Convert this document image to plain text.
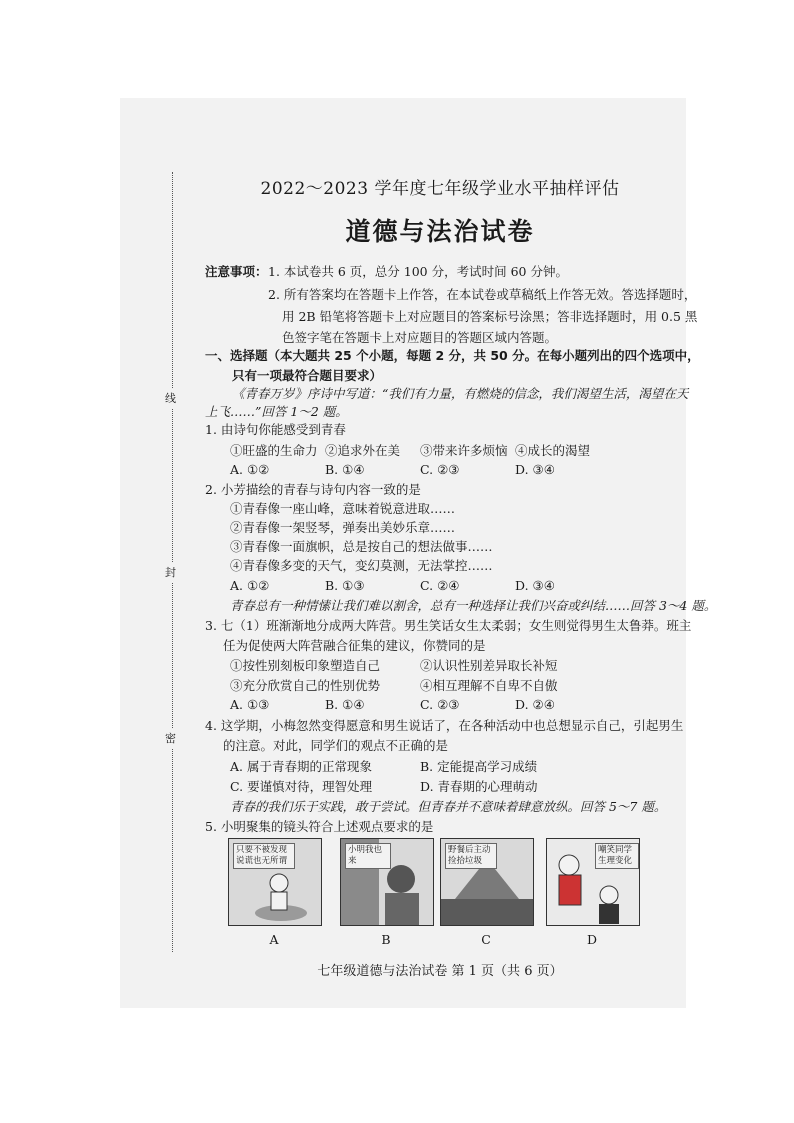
线
封
密
2022～2023 学年度七年级学业水平抽样评估
道德与法治试卷
注意事项： 1. 本试卷共 6 页，总分 100 分，考试时间 60 分钟。
2. 所有答案均在答题卡上作答，在本试卷或草稿纸上作答无效。答选择题时，
用 2B 铅笔将答题卡上对应题目的答案标号涂黑；答非选择题时，用 0.5 黑
色签字笔在答题卡上对应题目的答题区域内答题。
一、选择题（本大题共 25 个小题，每题 2 分，共 50 分。在每小题列出的四个选项中，
只有一项最符合题目要求）
《青春万岁》序诗中写道：“我们有力量，有燃烧的信念，我们渴望生活，渴望在天
上飞……”回答 1～2 题。
1. 由诗句你能感受到青春
①旺盛的生命力 ②追求外在美 ③带来许多烦恼 ④成长的渴望
A. ①②	B. ①④	C. ②③	D. ③④
2. 小芳描绘的青春与诗句内容一致的是
①青春像一座山峰，意味着锐意进取……
②青春像一架竖琴，弹奏出美妙乐章……
③青春像一面旗帜，总是按自己的想法做事……
④青春像多变的天气，变幻莫测，无法掌控……
A. ①②	B. ①③	C. ②④	D. ③④
青春总有一种情愫让我们难以割舍，总有一种选择让我们兴奋或纠结……回答 3～4 题。
3. 七（1）班渐渐地分成两大阵营。男生笑话女生太柔弱；女生则觉得男生太鲁莽。班主
任为促使两大阵营融合征集的建议，你赞同的是
①按性别刻板印象塑造自己	②认识性别差异取长补短
③充分欣赏自己的性别优势	④相互理解不自卑不自傲
A. ①③	B. ①④	C. ②③	D. ②④
4. 这学期，小梅忽然变得愿意和男生说话了，在各种活动中也总想显示自己，引起男生
的注意。对此，同学们的观点不正确的是
A. 属于青春期的正常现象	B. 定能提高学习成绩
C. 要谨慎对待，理智处理	D. 青春期的心理萌动
青春的我们乐于实践，敢于尝试。但青春并不意味着肆意放纵。回答 5～7 题。
5. 小明聚集的镜头符合上述观点要求的是
只要不被发现说谎也无所谓
小明我也来
野餐后主动捡拾垃圾
嘲笑同学生理变化
A	B	C	D
七年级道德与法治试卷 第 1 页（共 6 页）
